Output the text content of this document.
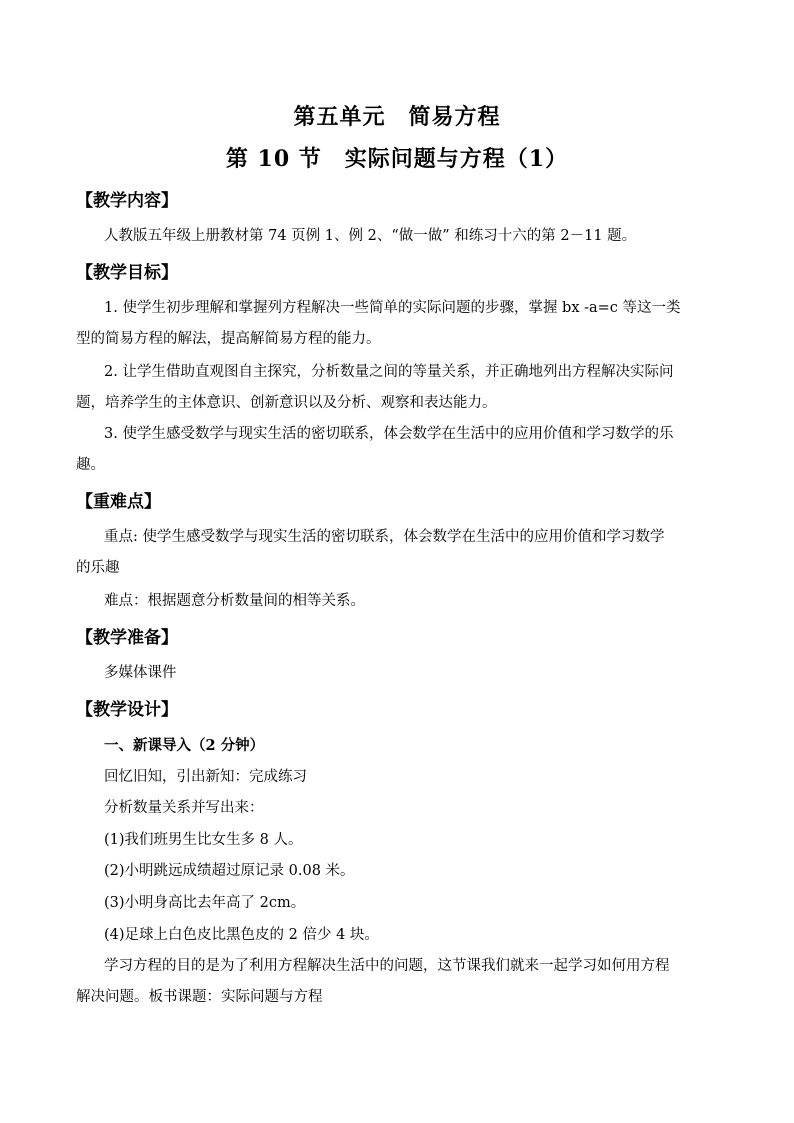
第五单元　简易方程
第 10 节　实际问题与方程（1）
【教学内容】
人教版五年级上册教材第 74 页例 1、例 2、“做一做” 和练习十六的第 2－11 题。
【教学目标】
1. 使学生初步理解和掌握列方程解决一些简单的实际问题的步骤，掌握 bx -a=c 等这一类
型的简易方程的解法，提高解简易方程的能力。
2. 让学生借助直观图自主探究，分析数量之间的等量关系，并正确地列出方程解决实际问
题，培养学生的主体意识、创新意识以及分析、观察和表达能力。
3. 使学生感受数学与现实生活的密切联系，体会数学在生活中的应用价值和学习数学的乐
趣。
【重难点】
重点: 使学生感受数学与现实生活的密切联系，体会数学在生活中的应用价值和学习数学
的乐趣
难点：根据题意分析数量间的相等关系。
【教学准备】
多媒体课件
【教学设计】
一、新课导入（2 分钟）
回忆旧知，引出新知：完成练习
分析数量关系并写出来：
(1)我们班男生比女生多 8 人。
(2)小明跳远成绩超过原记录 0.08 米。
(3)小明身高比去年高了 2cm。
(4)足球上白色皮比黑色皮的 2 倍少 4 块。
学习方程的目的是为了利用方程解决生活中的问题，这节课我们就来一起学习如何用方程
解决问题。板书课题：实际问题与方程
